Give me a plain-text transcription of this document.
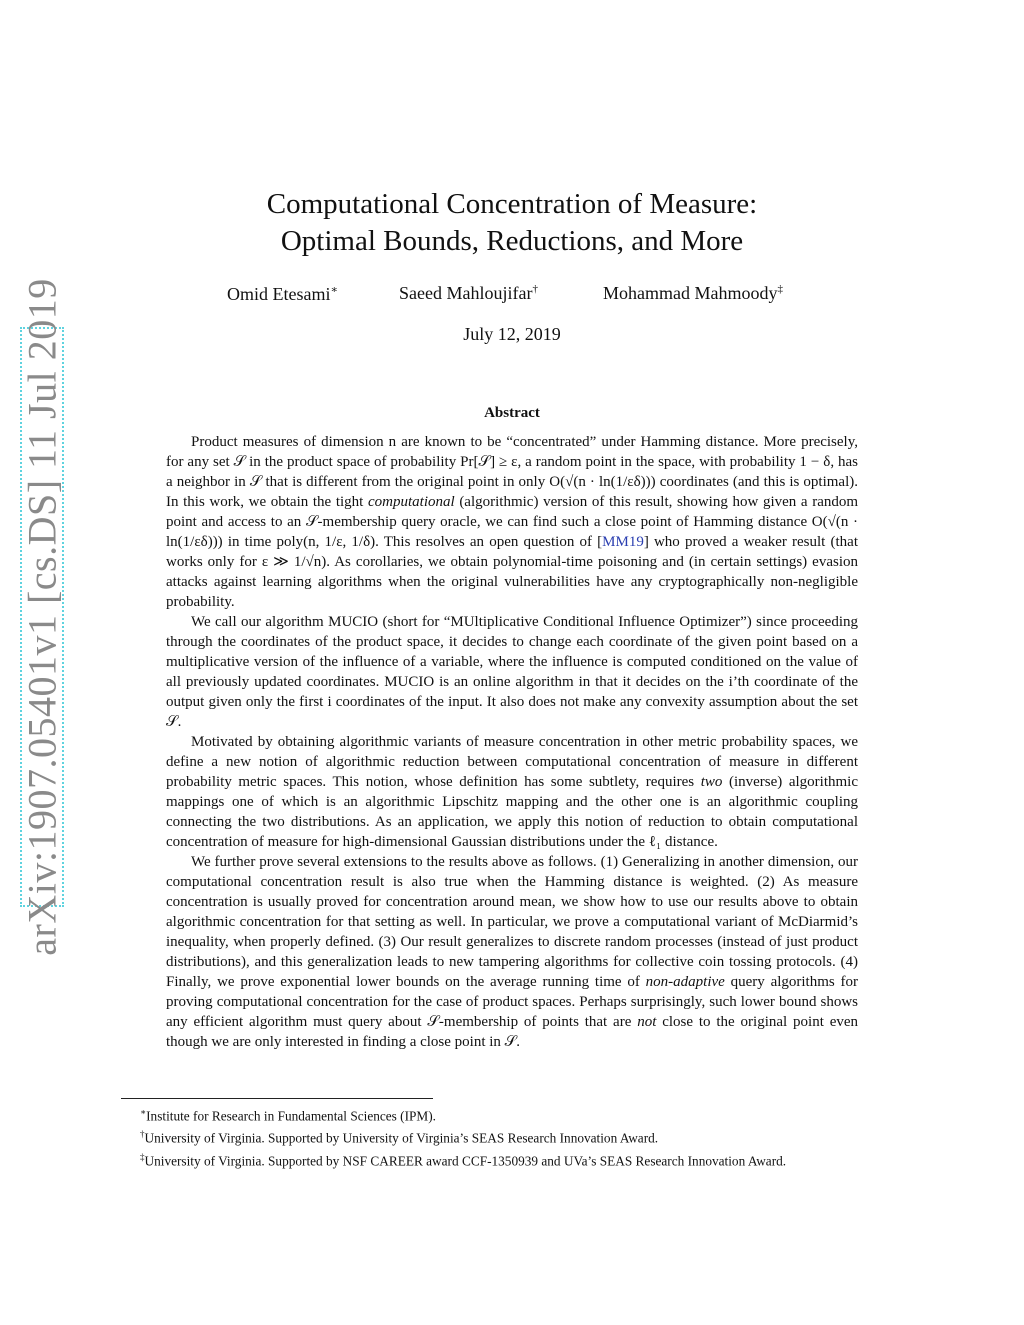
arXiv:1907.05401v1 [cs.DS] 11 Jul 2019
Computational Concentration of Measure:
Optimal Bounds, Reductions, and More
Omid Etesami∗	Saeed Mahloujifar†	Mohammad Mahmoody‡
July 12, 2019
Abstract

Product measures of dimension n are known to be “concentrated” under Hamming distance. More precisely, for any set 𝒮 in the product space of probability Pr[𝒮] ≥ ε, a random point in the space, with probability 1 − δ, has a neighbor in 𝒮 that is different from the original point in only O(√(n · ln(1/εδ))) coordinates (and this is optimal). In this work, we obtain the tight computational (algorithmic) version of this result, showing how given a random point and access to an 𝒮-membership query oracle, we can find such a close point of Hamming distance O(√(n · ln(1/εδ))) in time poly(n, 1/ε, 1/δ). This resolves an open question of [MM19] who proved a weaker result (that works only for ε ≫ 1/√n). As corollaries, we obtain polynomial-time poisoning and (in certain settings) evasion attacks against learning algorithms when the original vulnerabilities have any cryptographically non-negligible probability.

We call our algorithm MUCIO (short for “MUltiplicative Conditional Influence Optimizer”) since proceeding through the coordinates of the product space, it decides to change each coordinate of the given point based on a multiplicative version of the influence of a variable, where the influence is computed conditioned on the value of all previously updated coordinates. MUCIO is an online algorithm in that it decides on the i’th coordinate of the output given only the first i coordinates of the input. It also does not make any convexity assumption about the set 𝒮.

Motivated by obtaining algorithmic variants of measure concentration in other metric probability spaces, we define a new notion of algorithmic reduction between computational concentration of measure in different probability metric spaces. This notion, whose definition has some subtlety, requires two (inverse) algorithmic mappings one of which is an algorithmic Lipschitz mapping and the other one is an algorithmic coupling connecting the two distributions. As an application, we apply this notion of reduction to obtain computational concentration of measure for high-dimensional Gaussian distributions under the ℓ₁ distance.

We further prove several extensions to the results above as follows. (1) Generalizing in another dimension, our computational concentration result is also true when the Hamming distance is weighted. (2) As measure concentration is usually proved for concentration around mean, we show how to use our results above to obtain algorithmic concentration for that setting as well. In particular, we prove a computational variant of McDiarmid’s inequality, when properly defined. (3) Our result generalizes to discrete random processes (instead of just product distributions), and this generalization leads to new tampering algorithms for collective coin tossing protocols. (4) Finally, we prove exponential lower bounds on the average running time of non-adaptive query algorithms for proving computational concentration for the case of product spaces. Perhaps surprisingly, such lower bound shows any efficient algorithm must query about 𝒮-membership of points that are not close to the original point even though we are only interested in finding a close point in 𝒮.

∗Institute for Research in Fundamental Sciences (IPM).
†University of Virginia. Supported by University of Virginia’s SEAS Research Innovation Award.
‡University of Virginia. Supported by NSF CAREER award CCF-1350939 and UVa’s SEAS Research Innovation Award.
